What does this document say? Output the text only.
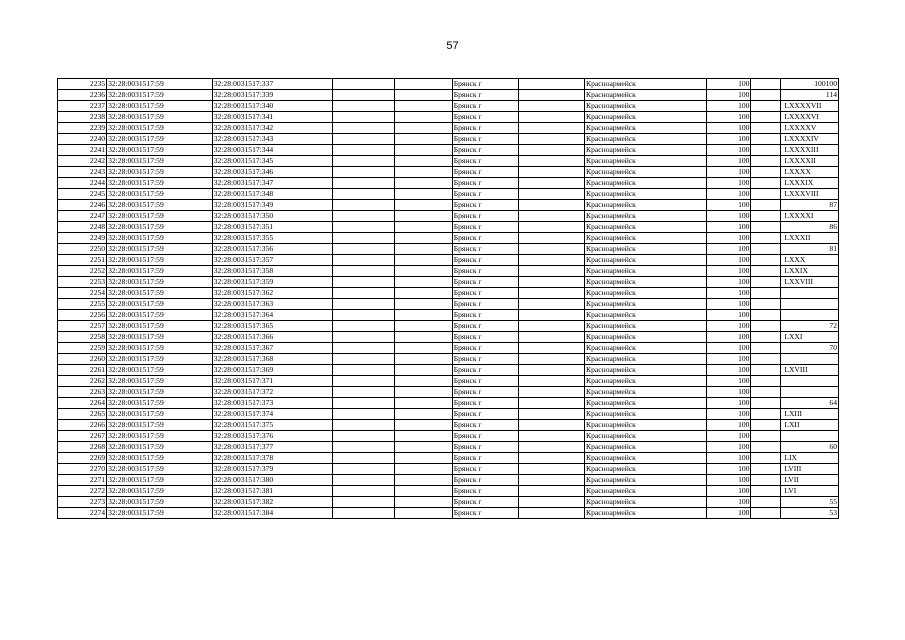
57
2235	32:28:0031517:59	32:28:0031517:337			Брянск г		Красноармейск	100		100100
2236	32:28:0031517:59	32:28:0031517:339			Брянск г		Красноармейск	100		114
2237	32:28:0031517:59	32:28:0031517:340			Брянск г		Красноармейск	100		LXXXXVII
2238	32:28:0031517:59	32:28:0031517:341			Брянск г		Красноармейск	100		LXXXXVI
2239	32:28:0031517:59	32:28:0031517:342			Брянск г		Красноармейск	100		LXXXXV
2240	32:28:0031517:59	32:28:0031517:343			Брянск г		Красноармейск	100		LXXXXIV
2241	32:28:0031517:59	32:28:0031517:344			Брянск г		Красноармейск	100		LXXXXIII
2242	32:28:0031517:59	32:28:0031517:345			Брянск г		Красноармейск	100		LXXXXII
2243	32:28:0031517:59	32:28:0031517:346			Брянск г		Красноармейск	100		LXXXX
2244	32:28:0031517:59	32:28:0031517:347			Брянск г		Красноармейск	100		LXXXIX
2245	32:28:0031517:59	32:28:0031517:348			Брянск г		Красноармейск	100		LXXXVIII
2246	32:28:0031517:59	32:28:0031517:349			Брянск г		Красноармейск	100		87
2247	32:28:0031517:59	32:28:0031517:350			Брянск г		Красноармейск	100		LXXXXI
2248	32:28:0031517:59	32:28:0031517:351			Брянск г		Красноармейск	100		86
2249	32:28:0031517:59	32:28:0031517:355			Брянск г		Красноармейск	100		LXXXII
2250	32:28:0031517:59	32:28:0031517:356			Брянск г		Красноармейск	100		81
2251	32:28:0031517:59	32:28:0031517:357			Брянск г		Красноармейск	100		LXXX
2252	32:28:0031517:59	32:28:0031517:358			Брянск г		Красноармейск	100		LXXIX
2253	32:28:0031517:59	32:28:0031517:359			Брянск г		Красноармейск	100		LXXVIII
2254	32:28:0031517:59	32:28:0031517:362			Брянск г		Красноармейск	100		
2255	32:28:0031517:59	32:28:0031517:363			Брянск г		Красноармейск	100		
2256	32:28:0031517:59	32:28:0031517:364			Брянск г		Красноармейск	100		
2257	32:28:0031517:59	32:28:0031517:365			Брянск г		Красноармейск	100		72
2258	32:28:0031517:59	32:28:0031517:366			Брянск г		Красноармейск	100		LXXI
2259	32:28:0031517:59	32:28:0031517:367			Брянск г		Красноармейск	100		70
2260	32:28:0031517:59	32:28:0031517:368			Брянск г		Красноармейск	100		
2261	32:28:0031517:59	32:28:0031517:369			Брянск г		Красноармейск	100		LXVIII
2262	32:28:0031517:59	32:28:0031517:371			Брянск г		Красноармейск	100		
2263	32:28:0031517:59	32:28:0031517:372			Брянск г		Красноармейск	100		
2264	32:28:0031517:59	32:28:0031517:373			Брянск г		Красноармейск	100		64
2265	32:28:0031517:59	32:28:0031517:374			Брянск г		Красноармейск	100		LXIII
2266	32:28:0031517:59	32:28:0031517:375			Брянск г		Красноармейск	100		LXII
2267	32:28:0031517:59	32:28:0031517:376			Брянск г		Красноармейск	100		
2268	32:28:0031517:59	32:28:0031517:377			Брянск г		Красноармейск	100		60
2269	32:28:0031517:59	32:28:0031517:378			Брянск г		Красноармейск	100		LIX
2270	32:28:0031517:59	32:28:0031517:379			Брянск г		Красноармейск	100		LVIII
2271	32:28:0031517:59	32:28:0031517:380			Брянск г		Красноармейск	100		LVII
2272	32:28:0031517:59	32:28:0031517:381			Брянск г		Красноармейск	100		LVI
2273	32:28:0031517:59	32:28:0031517:382			Брянск г		Красноармейск	100		55
2274	32:28:0031517:59	32:28:0031517:384			Брянск г		Красноармейск	100		53
